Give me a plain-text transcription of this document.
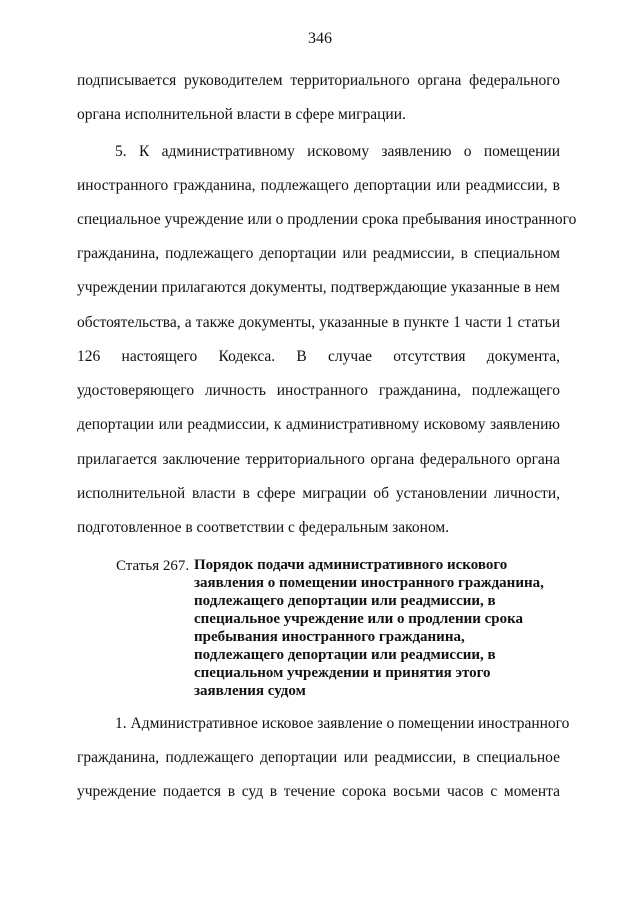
346
подписывается руководителем территориального органа федерального
органа исполнительной власти в сфере миграции.
5. К административному исковому заявлению о помещении
иностранного гражданина, подлежащего депортации или реадмиссии, в
специальное учреждение или о продлении срока пребывания иностранного
гражданина, подлежащего депортации или реадмиссии, в специальном
учреждении прилагаются документы, подтверждающие указанные в нем
обстоятельства, а также документы, указанные в пункте 1 части 1 статьи
126 настоящего Кодекса. В случае отсутствия документа,
удостоверяющего личность иностранного гражданина, подлежащего
депортации или реадмиссии, к административному исковому заявлению
прилагается заключение территориального органа федерального органа
исполнительной власти в сфере миграции об установлении личности,
подготовленное в соответствии с федеральным законом.
Статья 267. Порядок подачи административного искового
заявления о помещении иностранного гражданина,
подлежащего депортации или реадмиссии, в
специальное учреждение или о продлении срока
пребывания иностранного гражданина,
подлежащего депортации или реадмиссии, в
специальном учреждении и принятия этого
заявления судом
1. Административное исковое заявление о помещении иностранного
гражданина, подлежащего депортации или реадмиссии, в специальное
учреждение подается в суд в течение сорока восьми часов с момента
